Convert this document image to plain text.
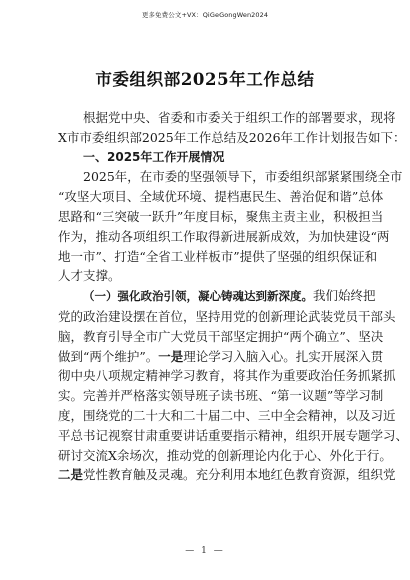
更多免费公文+VX：QiGeGongWen2024
市委组织部2025年工作总结
根据党中央、省委和市委关于组织工作的部署要求，现将
X市市委组织部2025年工作总结及2026年工作计划报告如下：
一、2025年工作开展情况
2025年，在市委的坚强领导下，市委组织部紧紧围绕全市
“攻坚大项目、全域优环境、提档惠民生、善治促和谐”总体
思路和“三突破一跃升”年度目标，聚焦主责主业，积极担当
作为，推动各项组织工作取得新进展新成效，为加快建设“两
地一市”、打造“全省工业样板市”提供了坚强的组织保证和
人才支撑。
（一）强化政治引领，凝心铸魂达到新深度。我们始终把
党的政治建设摆在首位，坚持用党的创新理论武装党员干部头
脑，教育引导全市广大党员干部坚定拥护“两个确立”、坚决
做到“两个维护”。一是理论学习入脑入心。扎实开展深入贯
彻中央八项规定精神学习教育，将其作为重要政治任务抓紧抓
实。完善并严格落实领导班子读书班、“第一议题”等学习制
度，围绕党的二十大和二十届二中、三中全会精神，以及习近
平总书记视察甘肃重要讲话重要指示精神，组织开展专题学习、
研讨交流X余场次，推动党的创新理论内化于心、外化于行。
二是党性教育触及灵魂。充分利用本地红色教育资源，组织党
— 1 —
